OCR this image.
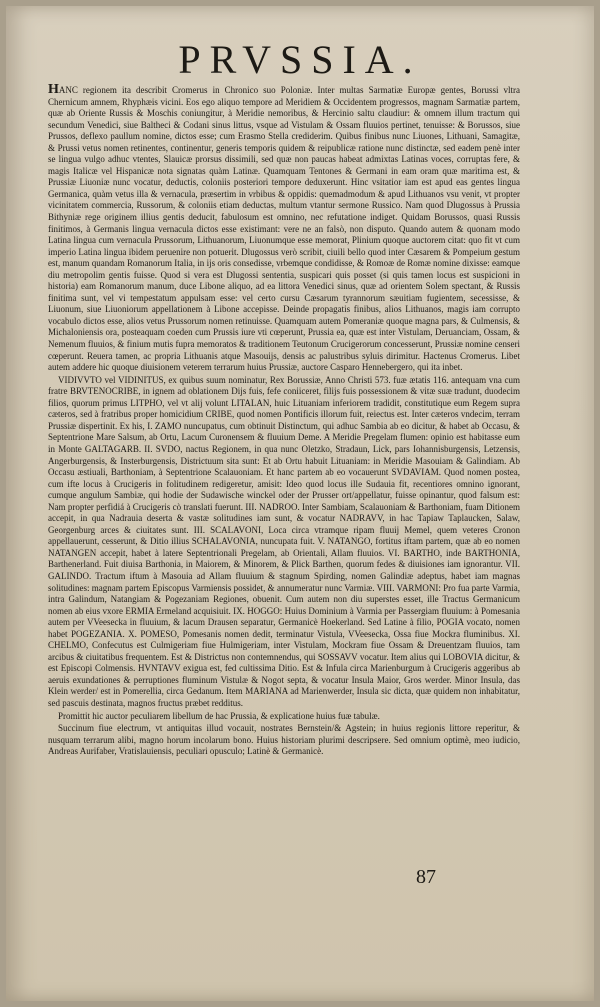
PRVSSIA.

HANC regionem ita describit Cromerus in Chronico suo Poloniæ. Inter multas Sarmatiæ Europæ gentes, Borussi vltra Chernicum amnem, Rhyphæis vicini. Eos ego aliquo tempore ad Meridiem & Occidentem progressos, magnam Sarmatiæ partem, quæ ab Oriente Russis & Moschis coniungitur, à Meridie nemoribus, & Hercinio saltu claudiur: & omnem illum tractum qui secundum Venedici, siue Baltheci & Codani sinus littus, vsque ad Vistulam & Ossam fluuios pertinet, tenuisse: & Borussos, siue Prussos, deflexo paullum nomine, dictos esse; cum Erasmo Stella crediderim. Quibus finibus nunc Liuones, Lithuani, Samagitæ, & Prussi vetus nomen retinentes, continentur, generis temporis quidem & reipublicæ ratione nunc distinctæ, sed eadem penè inter se lingua vulgo adhuc vtentes, Slauicæ prorsus dissimili, sed quæ non paucas habeat admixtas Latinas voces, corruptas fere, & magis Italicæ vel Hispanicæ nota signatas quàm Latinæ. Quamquam Tentones & Germani in eam oram quæ maritima est, & Prussiæ Liuoniæ nunc vocatur, deductis, coloniis posteriori tempore deduxerunt. Hinc vsitatior iam est apud eas gentes lingua Germanica, quàm vetus illa & vernacula, præsertim in vrbibus & oppidis: quemadmodum & apud Lithuanos vsu venit, vt propter vicinitatem commercia, Russorum, & coloniis etiam deductas, multum vtantur sermone Russico. Nam quod Dlugossus à Prussia Bithyniæ rege originem illius gentis deducit, fabulosum est omnino, nec refutatione indiget. Quidam Borussos, quasi Russis finitimos, à Germanis lingua vernacula dictos esse existimant: vere ne an falsò, non disputo. Quando autem & quonam modo Latina lingua cum vernacula Prussorum, Lithuanorum, Liuonumque esse memorat, Plinium quoque auctorem citat: quo fit vt cum imperio Latina lingua ibidem peruenire non potuerit. Dlugossus verò scribit, ciuili bello quod inter Cæsarem & Pompeium gestum est, manum quandam Romanorum Italia, in ijs oris consedisse, vrbemque condidisse, & Romoæ de Romæ nomine dixisse: eamque diu metropolim gentis fuisse. Quod si vera est Dlugossi sententia, suspicari quis posset (si quis tamen locus est suspicioni in historia) eam Romanorum manum, duce Libone aliquo, ad ea littora Venedici sinus, quæ ad orientem Solem spectant, & Russis finitima sunt, vel vi tempestatum appulsam esse: vel certo cursu Cæsarum tyrannorum sæuitiam fugientem, secessisse, & Liuonum, siue Liuoniorum appellationem à Libone accepisse. Deinde propagatis finibus, alios Lithuanos, magis iam corrupto vocabulo dictos esse, alios vetus Prussorum nomen retinuisse. Quamquam autem Pomeraniæ quoque magna pars, & Culmensis, & Michaloniensis ora, posteaquam coeden cum Prussis iure vti cœperunt, Prussia ea, quæ est inter Vistulam, Deruanciam, Ossam, & Nemenum fluuios, & finium mutis fupra memoratos & traditionem Teutonum Crucigerorum concesserunt, Prussiæ nomine censeri cœperunt. Reuera tamen, ac propria Lithuanis atque Masouijs, densis ac palustribus syluis dirimitur. Hactenus Cromerus. Libet autem addere hic quoque diuisionem veterem terrarum huius Prussiæ, auctore Casparo Hennebergero, qui ita inbet.

VIDIVVTO vel VIDINITUS, ex quibus suum nominatur, Rex Borussiæ, Anno Christi 573. fuæ ætatis 116. antequam vna cum fratre BRVTENOCRIBE, in ignem ad oblationem Dijs fuis, fefe coniiceret, filijs fuis possessionem & vitæ suæ tradunt, duodecim filios, quorum primus LITPHO, vel vt alij volunt LITALAN, huic Lituaniam inferiorem tradidit, constitutique eum Regem supra cæteros, sed à fratribus proper homicidium CRIBE, quod nomen Pontificis illorum fuit, reiectus est. Inter cæteros vndecim, terram Prussiæ dispertinit. Ex his, I. ZAMO nuncupatus, cum obtinuit Distinctum, qui adhuc Sambia ab eo dicitur, & habet ab Occasu, & Septentrione Mare Salsum, ab Ortu, Lacum Curonensem & fluuium Deme. A Meridie Pregelam flumen: opinio est habitasse eum in Monte GALTAGARB. II. SVDO, nactus Regionem, in qua nunc Oletzko, Stradaun, Lick, pars Iohannisburgensis, Letzensis, Angerburgensis, & Insterburgensis, Districtuum sita sunt: Et ab Ortu habuit Lituaniam: in Meridie Masouiam & Galindiam. Ab Occasu æstiuali, Barthoniam, à Septentrione Scalauoniam. Et hanc partem ab eo vocauerunt SVDAVIAM. Quod nomen postea, cum ifte locus à Crucigeris in folitudinem redigeretur, amisit: Ideo quod locus ille Sudauia fit, recentiores omnino ignorant, cumque angulum Sambiæ, qui hodie der Sudawische winckel oder der Prusser ort/appellatur, fuisse opinantur, quod falsum est: Nam propter perfidiá à Crucigeris cò translati fuerunt. III. NADROO. Inter Sambiam, Scalauoniam & Barthoniam, fuam Ditionem accepit, in qua Nadrauia deserta & vastæ solitudines iam sunt, & vocatur NADRAVV, in hac Tapiaw Taplaucken, Salaw, Georgenburg arces & ciuitates sunt. III. SCALAVONI, Loca circa vtramque ripam fluuij Memel, quem veteres Cronon appellauerunt, cesserunt, & Ditio illius SCHALAVONIA, nuncupata fuit. V. NATANGO, fortitus iftam partem, quæ ab eo nomen NATANGEN accepit, habet à latere Septentrionali Pregelam, ab Orientali, Allam fluuios. VI. BARTHO, inde BARTHONIA, Barthenerland. Fuit diuisa Barthonia, in Maiorem, & Minorem, & Plick Barthen, quorum fedes & diuisiones iam ignorantur. VII. GALINDO. Tractum iftum à Masouia ad Allam fluuium & stagnum Spirding, nomen Galindiæ adeptus, habet iam magnas solitudines: magnam partem Episcopus Varmiensis possidet, & annumeratur nunc Varmiæ. VIII. VARMONI: Pro fua parte Varmia, intra Galindum, Natangiam & Pogezaniam Regiones, obuenit. Cum autem non diu superstes esset, ille Tractus Germanicum nomen ab eius vxore ERMIA Ermeland acquisiuit. IX. HOGGO: Huius Dominium à Varmia per Passergiam fluuium: à Pomesania autem per VVeesecka in fluuium, & lacum Drausen separatur, Germanicè Hoekerland. Sed Latine à filio, POGIA vocato, nomen habet POGEZANIA. X. POMESO, Pomesanis nomen dedit, terminatur Vistula, VVeesecka, Ossa fiue Mockra fluminibus. XI. CHELMO, Confecutus est Culmigeriam fiue Hulmigeriam, inter Vistulam, Mockram fiue Ossam & Dreuentzam fluuios, tam arcibus & ciuitatibus frequentem. Est & Districtus non contemnendus, qui SOSSAVV vocatur. Item alius qui LOBOVIA dicitur, & est Episcopi Colmensis. HVNTAVV exigua est, fed cultissima Ditio. Est & Infula circa Marienburgum à Crucigeris aggeribus ab aeruis exundationes & perruptiones fluminum Vistulæ & Nogot septa, & vocatur Insula Maior, Gros werder. Minor Insula, das Klein werder/ est in Pomerellia, circa Gedanum. Item MARIANA ad Marienwerder, Insula sic dicta, quæ quidem non inhabitatur, sed pascuis destinata, magnos fructus præbet redditus.

Promittit hic auctor peculiarem libellum de hac Prussia, & explicatione huius fuæ tabulæ.

Succinum fiue electrum, vt antiquitas illud vocauit, nostrates Bernstein/& Agstein; in huius regionis littore reperitur, & nusquam terrarum alibi, magno horum incolarum bono. Huius historiam plurimi descripsere. Sed omnium optimè, meo iudicio, Andreas Aurifaber, Vratislauiensis, peculiari opusculo; Latinè & Germanicè.

87
